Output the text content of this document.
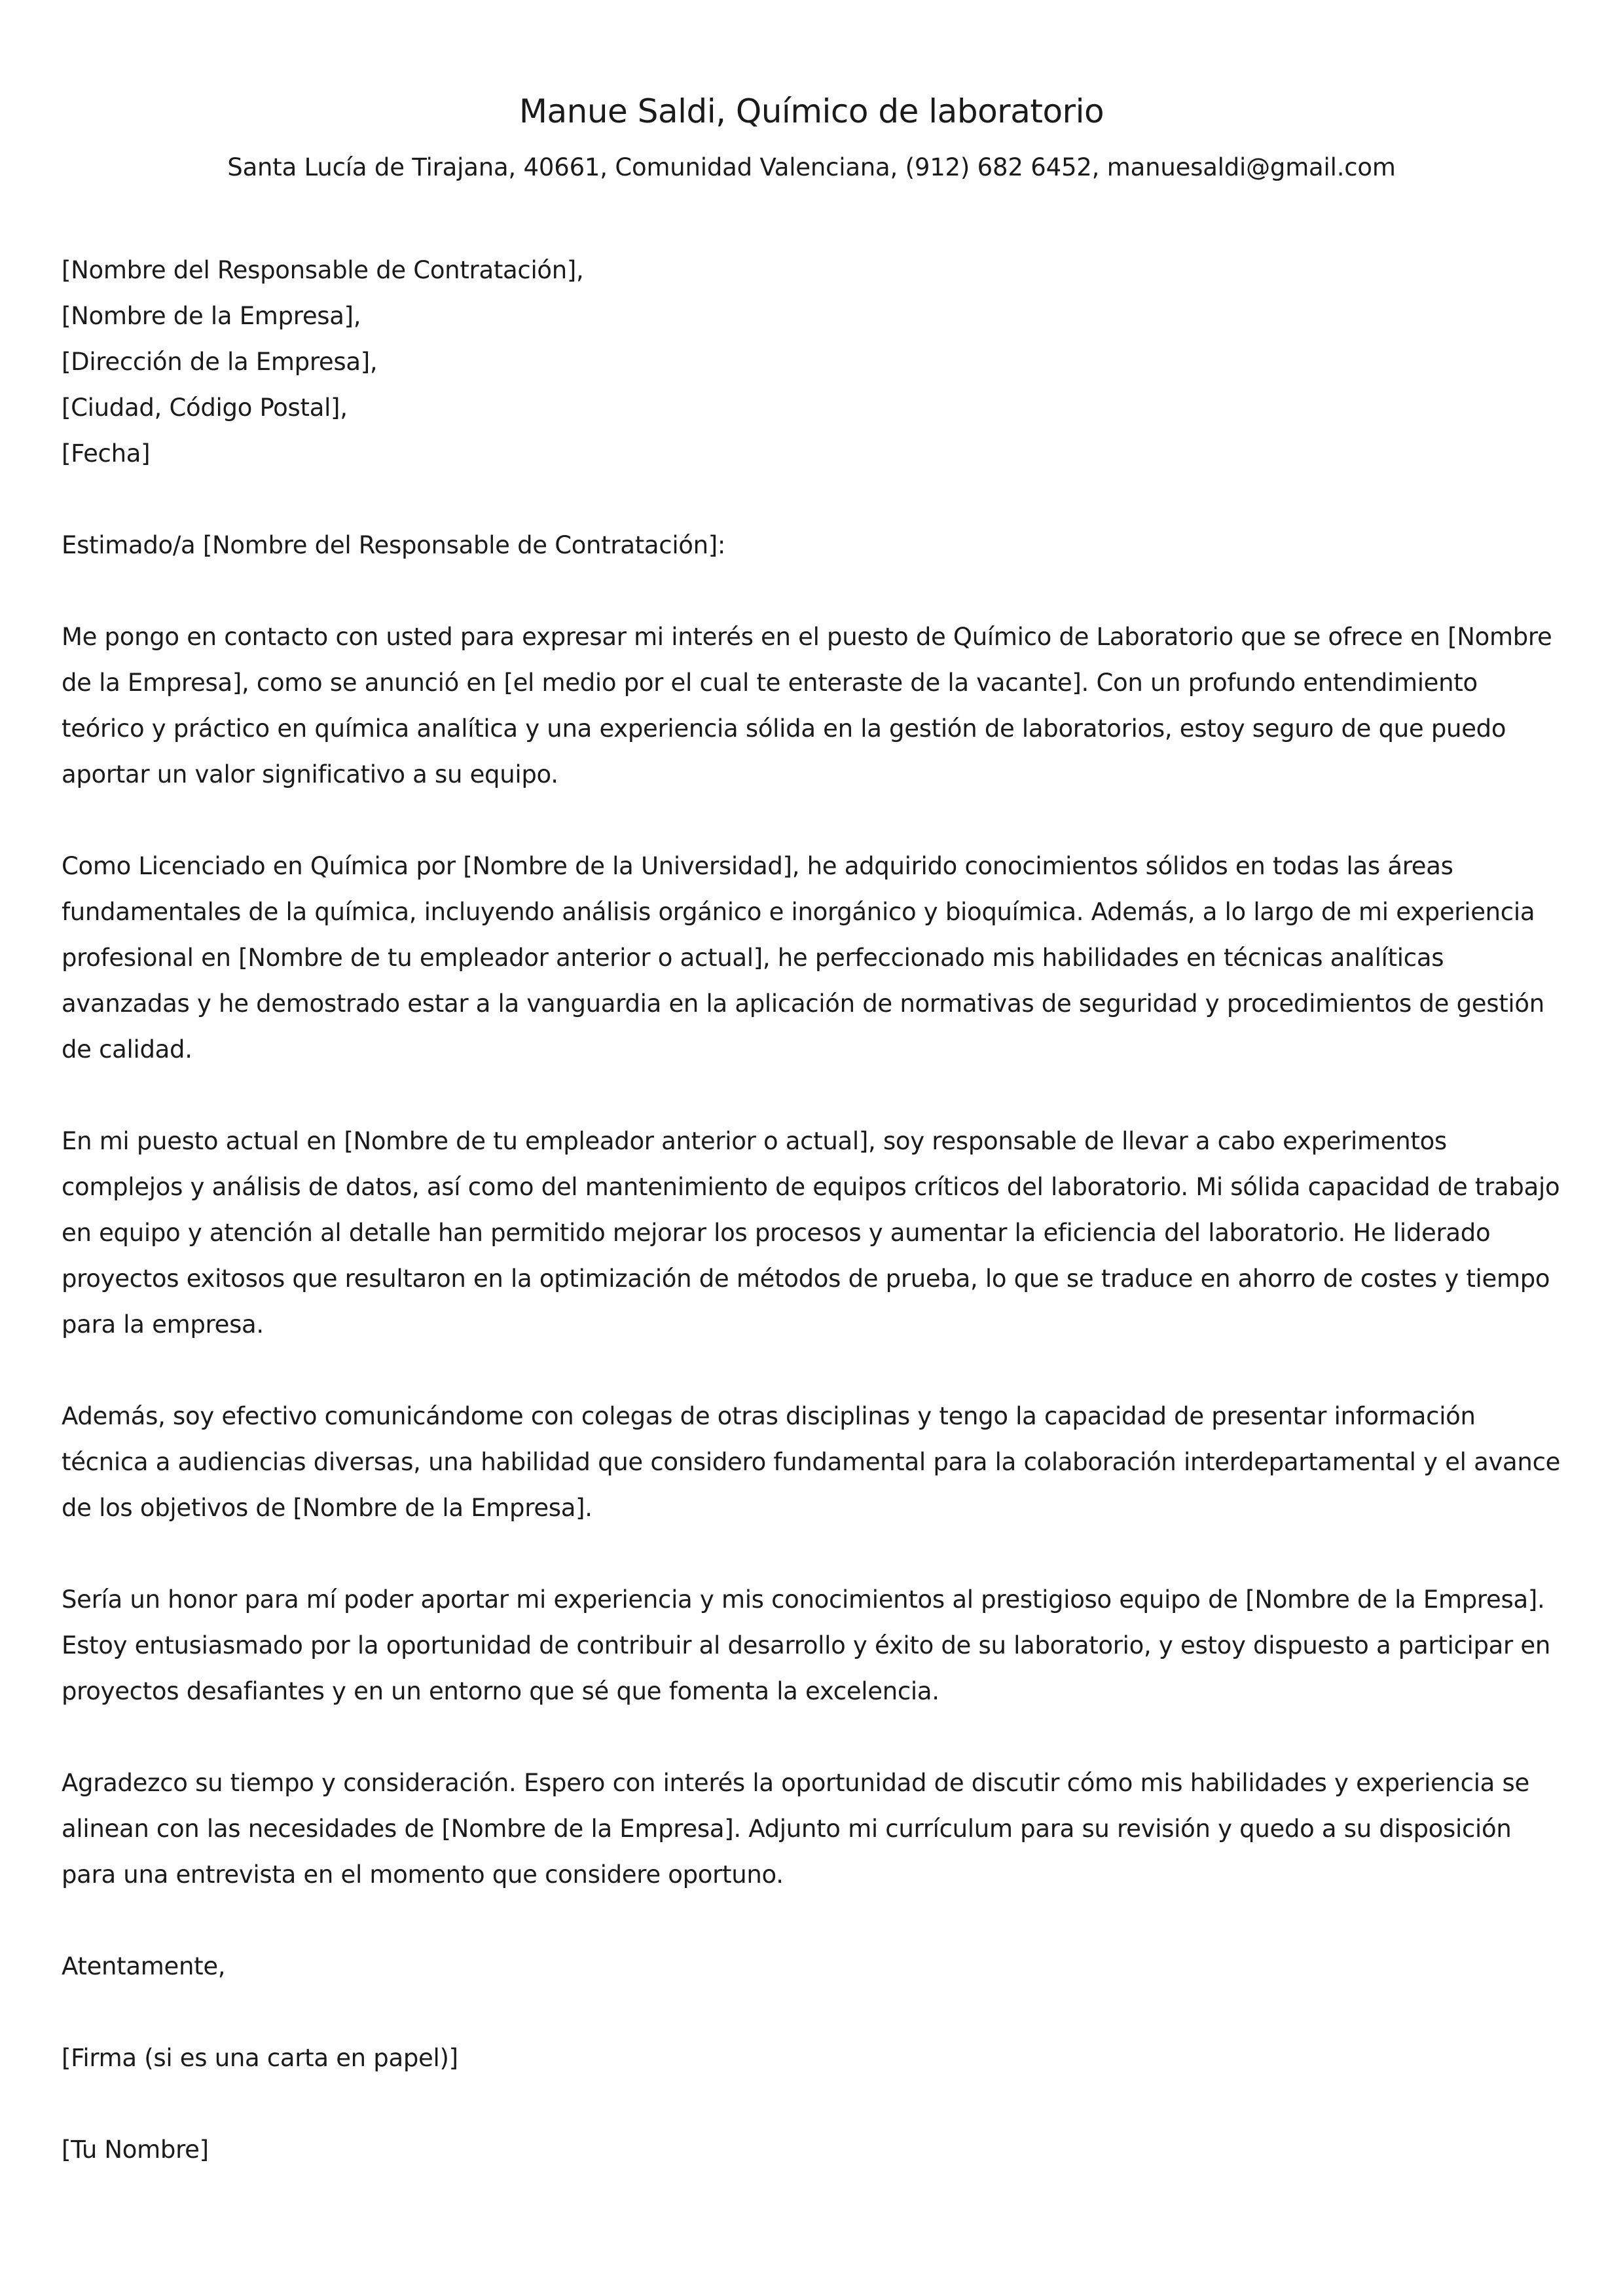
Manue Saldi, Químico de laboratorio
Santa Lucía de Tirajana, 40661, Comunidad Valenciana, (912) 682 6452, manuesaldi@gmail.com
[Nombre del Responsable de Contratación],
[Nombre de la Empresa],
[Dirección de la Empresa],
[Ciudad, Código Postal],
[Fecha]

Estimado/a [Nombre del Responsable de Contratación]:

Me pongo en contacto con usted para expresar mi interés en el puesto de Químico de Laboratorio que se ofrece en [Nombre de la Empresa], como se anunció en [el medio por el cual te enteraste de la vacante]. Con un profundo entendimiento teórico y práctico en química analítica y una experiencia sólida en la gestión de laboratorios, estoy seguro de que puedo aportar un valor significativo a su equipo.

Como Licenciado en Química por [Nombre de la Universidad], he adquirido conocimientos sólidos en todas las áreas fundamentales de la química, incluyendo análisis orgánico e inorgánico y bioquímica. Además, a lo largo de mi experiencia profesional en [Nombre de tu empleador anterior o actual], he perfeccionado mis habilidades en técnicas analíticas avanzadas y he demostrado estar a la vanguardia en la aplicación de normativas de seguridad y procedimientos de gestión de calidad.

En mi puesto actual en [Nombre de tu empleador anterior o actual], soy responsable de llevar a cabo experimentos complejos y análisis de datos, así como del mantenimiento de equipos críticos del laboratorio. Mi sólida capacidad de trabajo en equipo y atención al detalle han permitido mejorar los procesos y aumentar la eficiencia del laboratorio. He liderado proyectos exitosos que resultaron en la optimización de métodos de prueba, lo que se traduce en ahorro de costes y tiempo para la empresa.

Además, soy efectivo comunicándome con colegas de otras disciplinas y tengo la capacidad de presentar información técnica a audiencias diversas, una habilidad que considero fundamental para la colaboración interdepartamental y el avance de los objetivos de [Nombre de la Empresa].

Sería un honor para mí poder aportar mi experiencia y mis conocimientos al prestigioso equipo de [Nombre de la Empresa]. Estoy entusiasmado por la oportunidad de contribuir al desarrollo y éxito de su laboratorio, y estoy dispuesto a participar en proyectos desafiantes y en un entorno que sé que fomenta la excelencia.

Agradezco su tiempo y consideración. Espero con interés la oportunidad de discutir cómo mis habilidades y experiencia se alinean con las necesidades de [Nombre de la Empresa]. Adjunto mi currículum para su revisión y quedo a su disposición para una entrevista en el momento que considere oportuno.

Atentamente,

[Firma (si es una carta en papel)]

[Tu Nombre]
